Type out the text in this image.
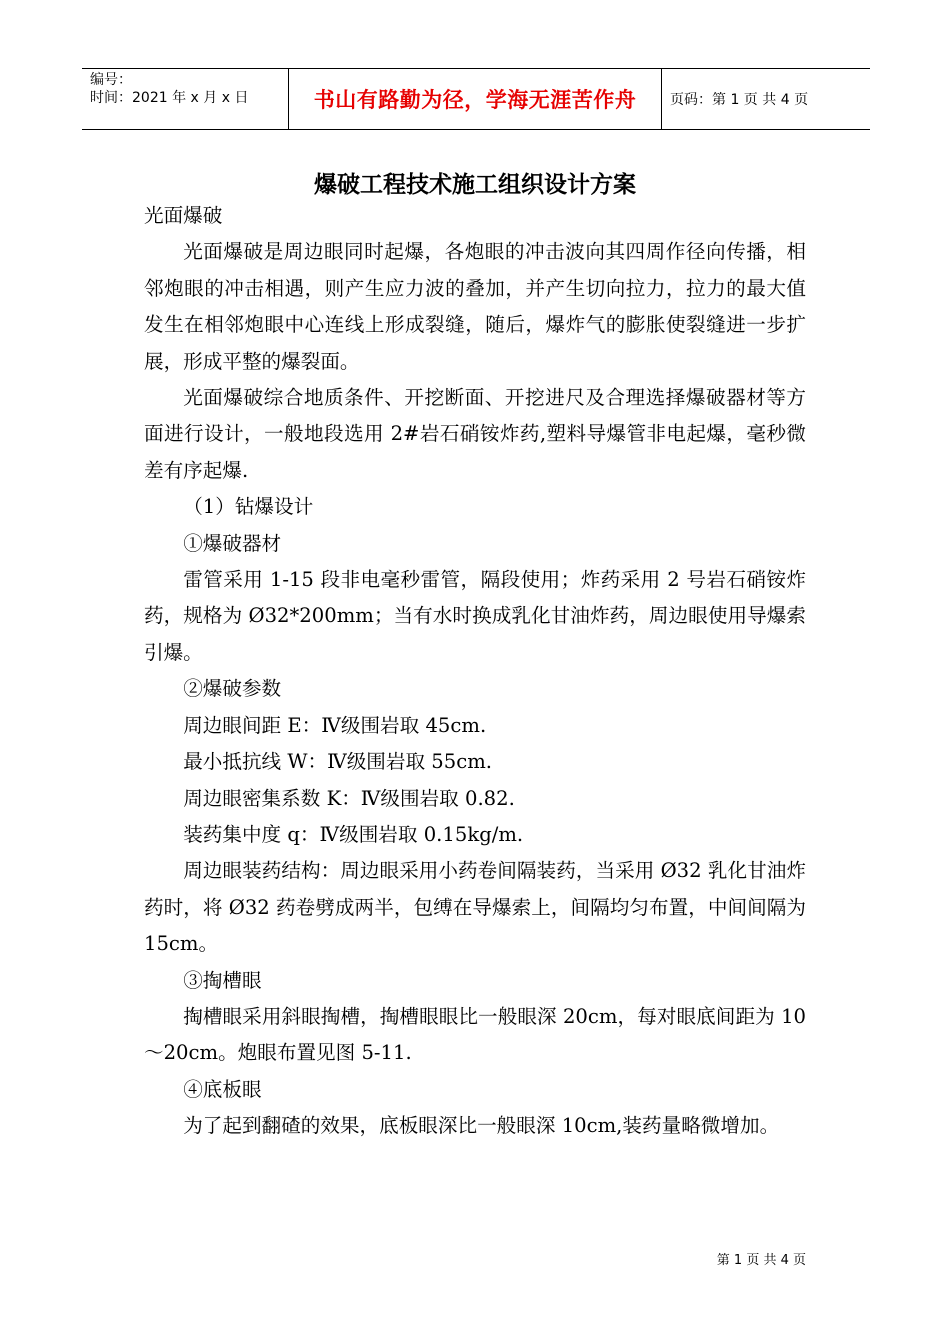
编号：
时间：2021 年 x 月 x 日	书山有路勤为径，学海无涯苦作舟	页码：第 1 页 共 4 页
爆破工程技术施工组织设计方案

光面爆破

光面爆破是周边眼同时起爆，各炮眼的冲击波向其四周作径向传播，相邻炮眼的冲击相遇，则产生应力波的叠加，并产生切向拉力，拉力的最大值发生在相邻炮眼中心连线上形成裂缝，随后，爆炸气的膨胀使裂缝进一步扩展，形成平整的爆裂面。

光面爆破综合地质条件、开挖断面、开挖进尺及合理选择爆破器材等方面进行设计，一般地段选用 2#岩石硝铵炸药,塑料导爆管非电起爆，毫秒微差有序起爆.

（1）钻爆设计

①爆破器材

雷管采用 1-15 段非电毫秒雷管，隔段使用；炸药采用 2 号岩石硝铵炸药，规格为 Ø32*200mm；当有水时换成乳化甘油炸药，周边眼使用导爆索引爆。

②爆破参数

周边眼间距 E：Ⅳ级围岩取 45cm.

最小抵抗线 W：Ⅳ级围岩取 55cm.

周边眼密集系数 K：Ⅳ级围岩取 0.82.

装药集中度 q：Ⅳ级围岩取 0.15kg/m.

周边眼装药结构：周边眼采用小药卷间隔装药，当采用 Ø32 乳化甘油炸药时，将 Ø32 药卷劈成两半，包缚在导爆索上，间隔均匀布置，中间间隔为 15cm。

③掏槽眼

掏槽眼采用斜眼掏槽，掏槽眼眼比一般眼深 20cm，每对眼底间距为 10～20cm。炮眼布置见图 5-11.

④底板眼

为了起到翻碴的效果，底板眼深比一般眼深 10cm,装药量略微增加。

第 1 页 共 4 页
